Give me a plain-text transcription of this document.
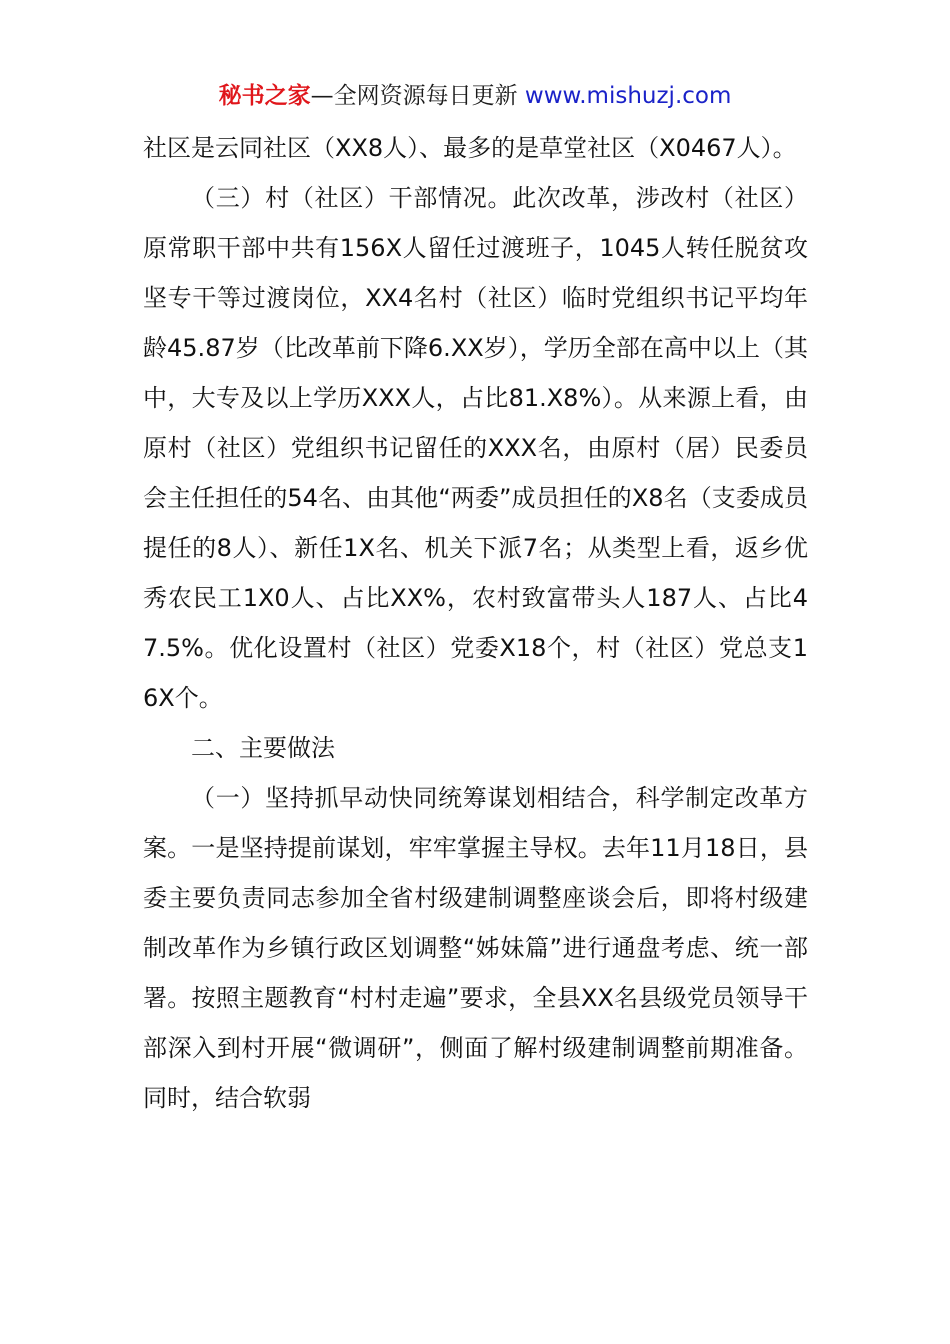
秘书之家—全网资源每日更新 www.mishuzj.com

社区是云同社区（XX8人）、最多的是草堂社区（X0467人）。

（三）村（社区）干部情况。此次改革，涉改村（社区）原常职干部中共有156X人留任过渡班子，1045人转任脱贫攻坚专干等过渡岗位，XX4名村（社区）临时党组织书记平均年龄45.87岁（比改革前下降6.XX岁），学历全部在高中以上（其中，大专及以上学历XXX人，占比81.X8%）。从来源上看，由原村（社区）党组织书记留任的XXX名，由原村（居）民委员会主任担任的54名、由其他“两委”成员担任的X8名（支委成员提任的8人）、新任1X名、机关下派7名；从类型上看，返乡优秀农民工1X0人、占比XX%，农村致富带头人187人、占比47.5%。优化设置村（社区）党委X18个，村（社区）党总支16X个。

二、主要做法

（一）坚持抓早动快同统筹谋划相结合，科学制定改革方案。一是坚持提前谋划，牢牢掌握主导权。去年11月18日，县委主要负责同志参加全省村级建制调整座谈会后，即将村级建制改革作为乡镇行政区划调整“姊妹篇”进行通盘考虑、统一部署。按照主题教育“村村走遍”要求，全县XX名县级党员领导干部深入到村开展“微调研”，侧面了解村级建制调整前期准备。同时，结合软弱
